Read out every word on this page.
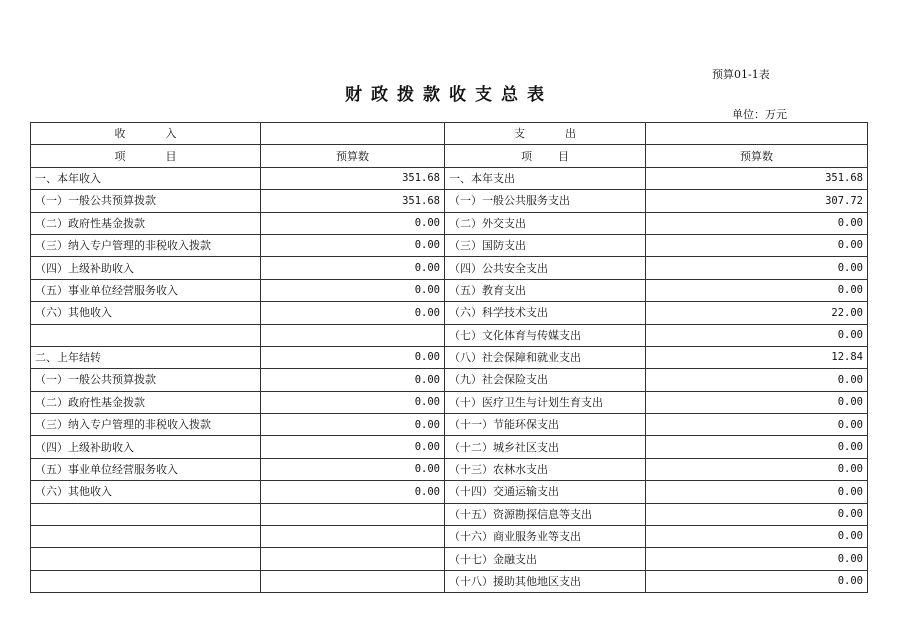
预算01-1表
财政拨款收支总表
单位：万元
收入		支出	
项目	预算数	项目	预算数
一、本年收入	351.68	一、本年支出	351.68
（一）一般公共预算拨款	351.68	（一）一般公共服务支出	307.72
（二）政府性基金拨款	0.00	（二）外交支出	0.00
（三）纳入专户管理的非税收入拨款	0.00	（三）国防支出	0.00
（四）上级补助收入	0.00	（四）公共安全支出	0.00
（五）事业单位经营服务收入	0.00	（五）教育支出	0.00
（六）其他收入	0.00	（六）科学技术支出	22.00
		（七）文化体育与传媒支出	0.00
二、上年结转	0.00	（八）社会保障和就业支出	12.84
（一）一般公共预算拨款	0.00	（九）社会保险支出	0.00
（二）政府性基金拨款	0.00	（十）医疗卫生与计划生育支出	0.00
（三）纳入专户管理的非税收入拨款	0.00	（十一）节能环保支出	0.00
（四）上级补助收入	0.00	（十二）城乡社区支出	0.00
（五）事业单位经营服务收入	0.00	（十三）农林水支出	0.00
（六）其他收入	0.00	（十四）交通运输支出	0.00
		（十五）资源勘探信息等支出	0.00
		（十六）商业服务业等支出	0.00
		（十七）金融支出	0.00
		（十八）援助其他地区支出	0.00
